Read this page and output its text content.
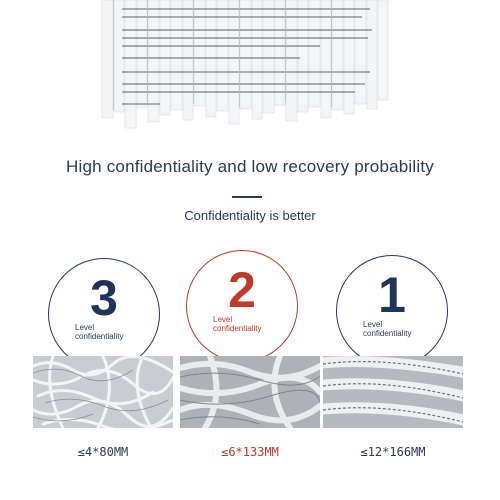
High confidentiality and low recovery probability
Confidentiality is better
3
Level
confidentiality
2
Level
confidentiality
1
Level
confidentiality
≤4*80MM	≤6*133MM	≤12*166MM
